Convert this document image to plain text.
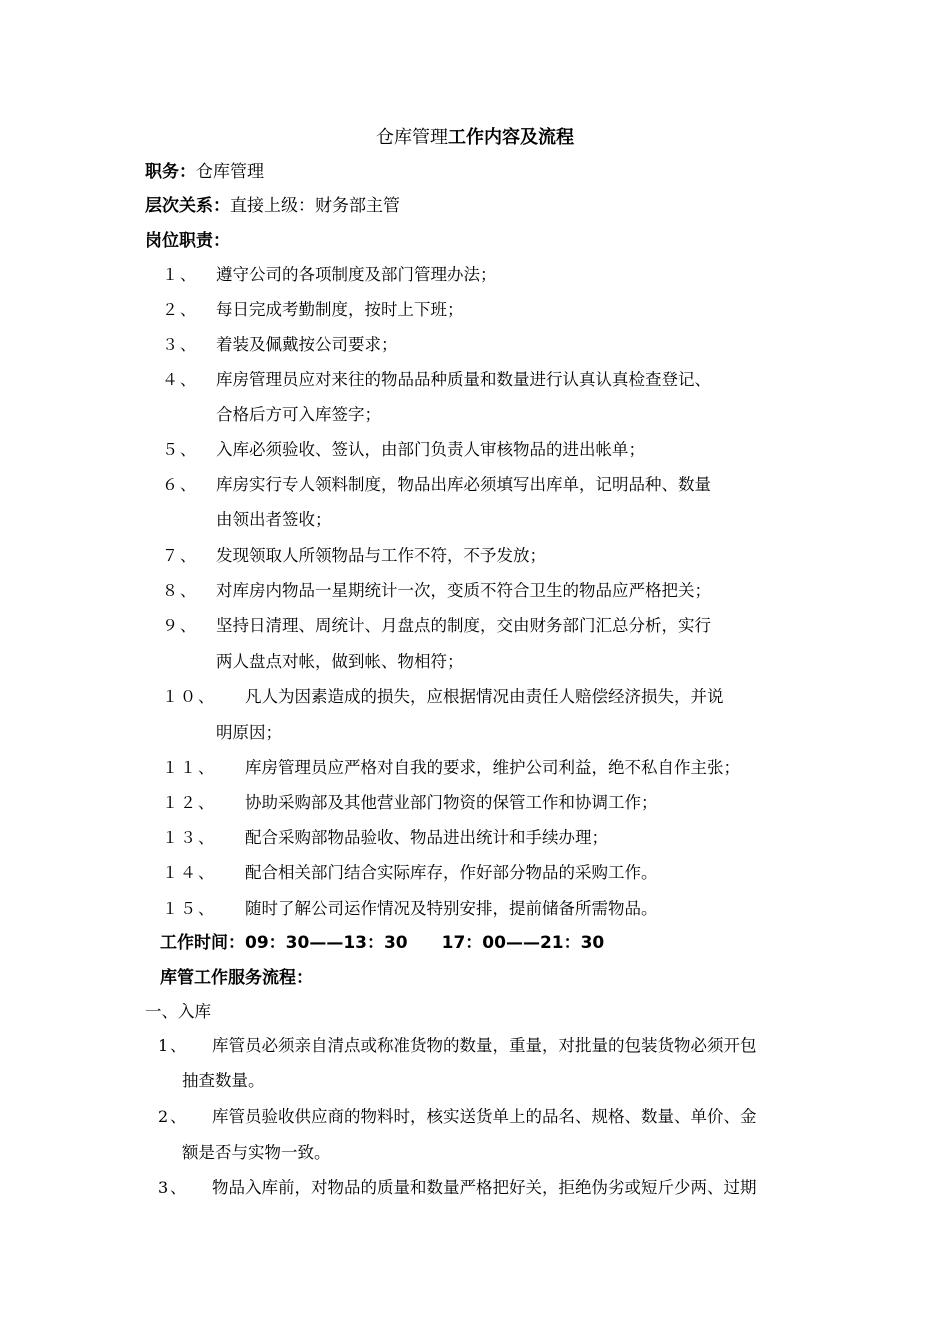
仓库管理工作内容及流程
职务：仓库管理
层次关系：直接上级：财务部主管
岗位职责：
１、 遵守公司的各项制度及部门管理办法；
２、 每日完成考勤制度，按时上下班；
３、 着装及佩戴按公司要求；
４、 库房管理员应对来往的物品品种质量和数量进行认真认真检查登记、
合格后方可入库签字；
５、 入库必须验收、签认，由部门负责人审核物品的进出帐单；
６、 库房实行专人领料制度，物品出库必须填写出库单，记明品种、数量
由领出者签收；
７、 发现领取人所领物品与工作不符，不予发放；
８、 对库房内物品一星期统计一次，变质不符合卫生的物品应严格把关；
９、 坚持日清理、周统计、月盘点的制度，交由财务部门汇总分析，实行
两人盘点对帐，做到帐、物相符；
１０、 凡人为因素造成的损失，应根据情况由责任人赔偿经济损失，并说
明原因；
１１、 库房管理员应严格对自我的要求，维护公司利益，绝不私自作主张；
１２、 协助采购部及其他营业部门物资的保管工作和协调工作；
１３、 配合采购部物品验收、物品进出统计和手续办理；
１４、 配合相关部门结合实际库存，作好部分物品的采购工作。
１５、 随时了解公司运作情况及特别安排，提前储备所需物品。
工作时间：09：30——13：30　　17：00——21：30
库管工作服务流程：
一、入库
1、 库管员必须亲自清点或称准货物的数量，重量，对批量的包装货物必须开包
抽查数量。
2、 库管员验收供应商的物料时，核实送货单上的品名、规格、数量、单价、金
额是否与实物一致。
3、 物品入库前，对物品的质量和数量严格把好关，拒绝伪劣或短斤少两、过期
